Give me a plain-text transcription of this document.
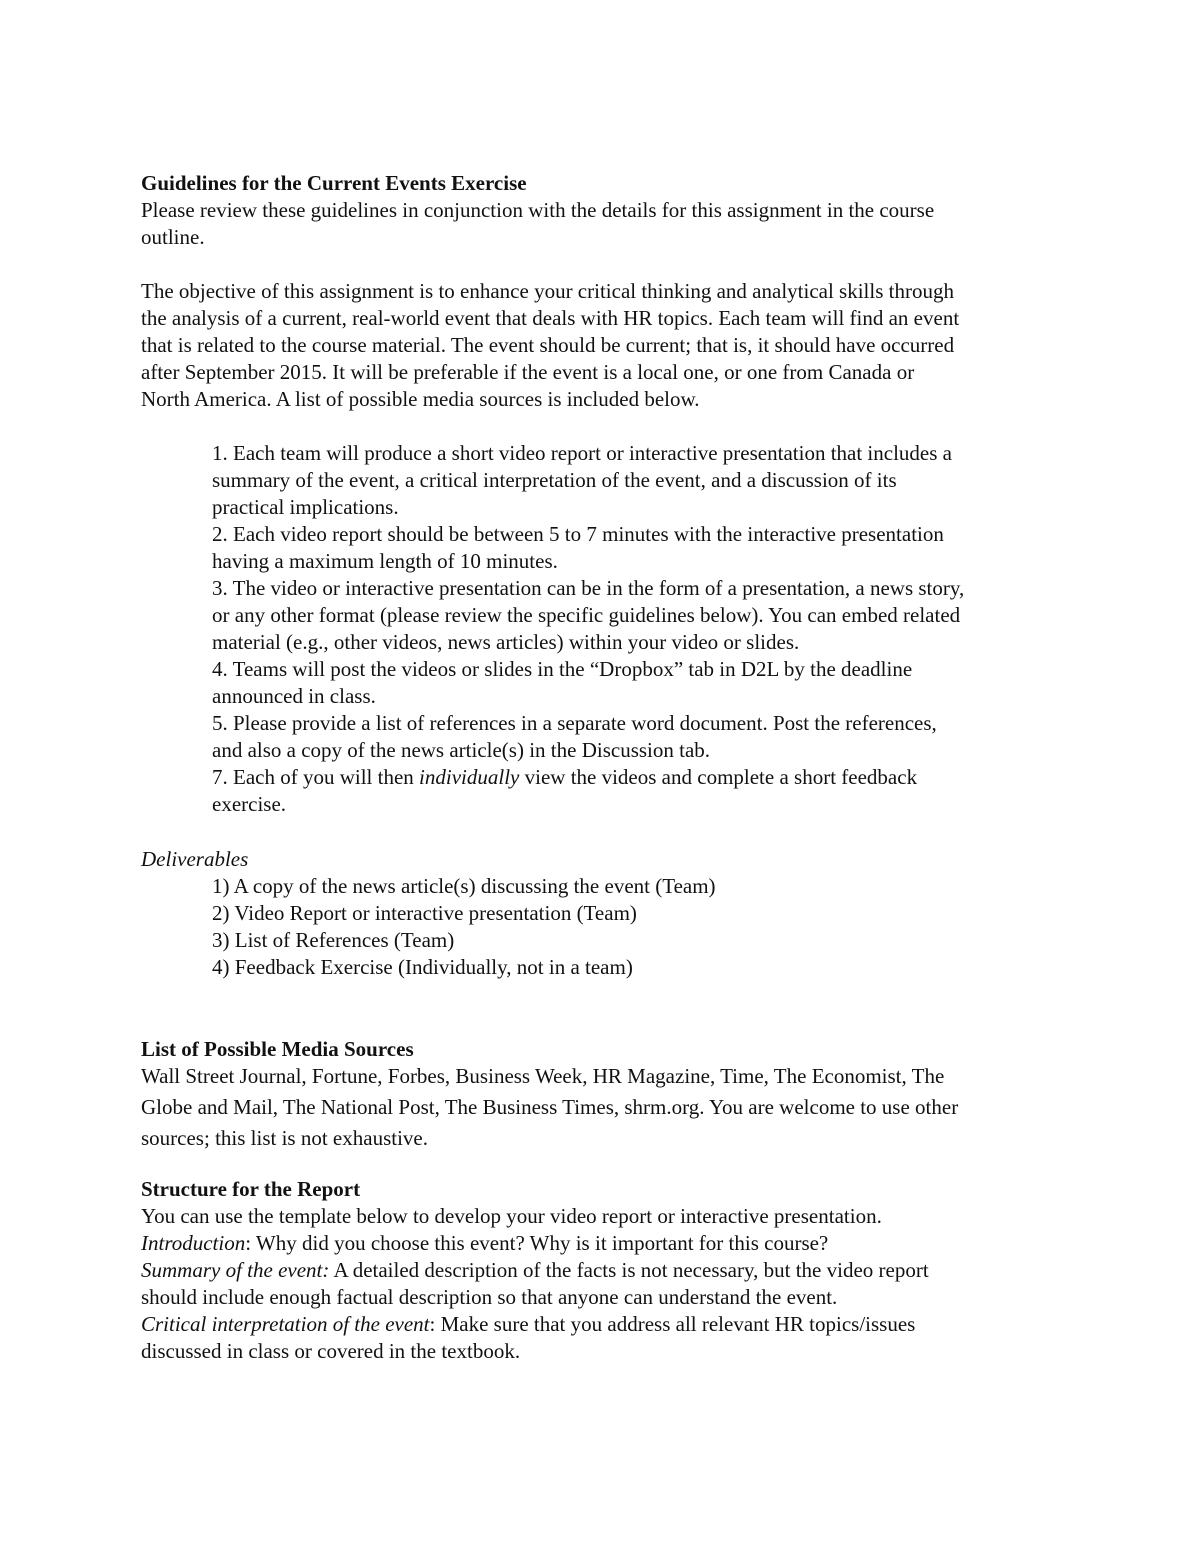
Guidelines for the Current Events Exercise
Please review these guidelines in conjunction with the details for this assignment in the course
outline.
The objective of this assignment is to enhance your critical thinking and analytical skills through
the analysis of a current, real-world event that deals with HR topics. Each team will find an event
that is related to the course material. The event should be current; that is, it should have occurred
after September 2015. It will be preferable if the event is a local one, or one from Canada or
North America. A list of possible media sources is included below.
1. Each team will produce a short video report or interactive presentation that includes a
summary of the event, a critical interpretation of the event, and a discussion of its
practical implications.
2. Each video report should be between 5 to 7 minutes with the interactive presentation
having a maximum length of 10 minutes.
3. The video or interactive presentation can be in the form of a presentation, a news story,
or any other format (please review the specific guidelines below). You can embed related
material (e.g., other videos, news articles) within your video or slides.
4. Teams will post the videos or slides in the “Dropbox” tab in D2L by the deadline
announced in class.
5. Please provide a list of references in a separate word document. Post the references,
and also a copy of the news article(s) in the Discussion tab.
7. Each of you will then individually view the videos and complete a short feedback
exercise.
Deliverables
1) A copy of the news article(s) discussing the event (Team)
2) Video Report or interactive presentation (Team)
3) List of References (Team)
4) Feedback Exercise (Individually, not in a team)
List of Possible Media Sources
Wall Street Journal, Fortune, Forbes, Business Week, HR Magazine, Time, The Economist, The
Globe and Mail, The National Post, The Business Times, shrm.org. You are welcome to use other
sources; this list is not exhaustive.
Structure for the Report
You can use the template below to develop your video report or interactive presentation.
Introduction: Why did you choose this event? Why is it important for this course?
Summary of the event: A detailed description of the facts is not necessary, but the video report
should include enough factual description so that anyone can understand the event.
Critical interpretation of the event: Make sure that you address all relevant HR topics/issues
discussed in class or covered in the textbook.
